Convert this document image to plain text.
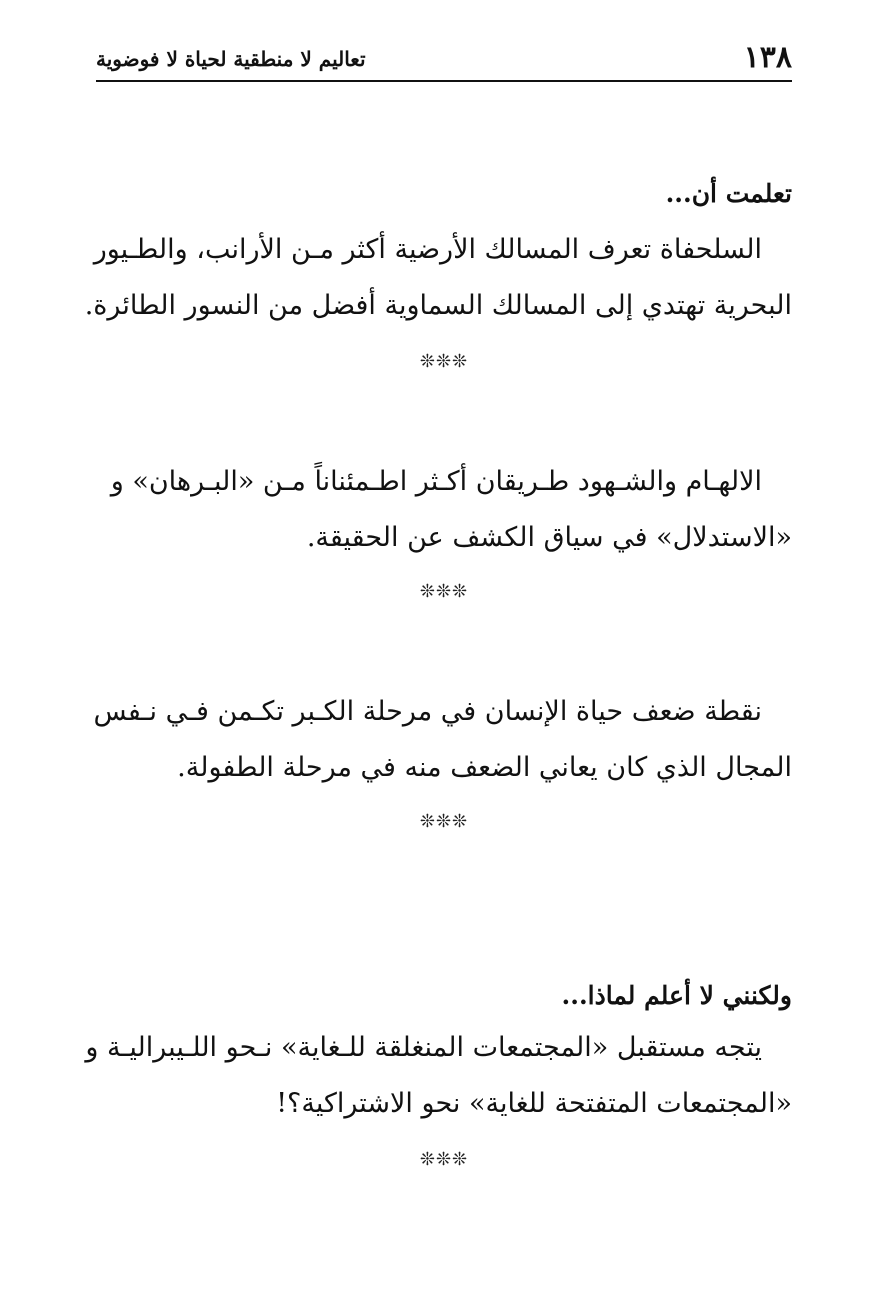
١٣٨
تعاليم لا منطقية لحياة لا فوضوية
تعلمت أن...
السلحفاة تعرف المسالك الأرضية أكثر مـن الأرانب، والطـيور
البحرية تهتدي إلى المسالك السماوية أفضل من النسور الطائرة.
❊❊❊
الالهـام والشـهود طـريقان أكـثر اطـمئناناً مـن «البـرهان» و
«الاستدلال» في سياق الكشف عن الحقيقة.
❊❊❊
نقطة ضعف حياة الإنسان في مرحلة الكـبر تكـمن فـي نـفس
المجال الذي كان يعاني الضعف منه في مرحلة الطفولة.
❊❊❊
ولكنني لا أعلم لماذا...
يتجه مستقبل «المجتمعات المنغلقة للـغاية» نـحو اللـيبراليـة و
«المجتمعات المتفتحة للغاية» نحو الاشتراكية؟!
❊❊❊
